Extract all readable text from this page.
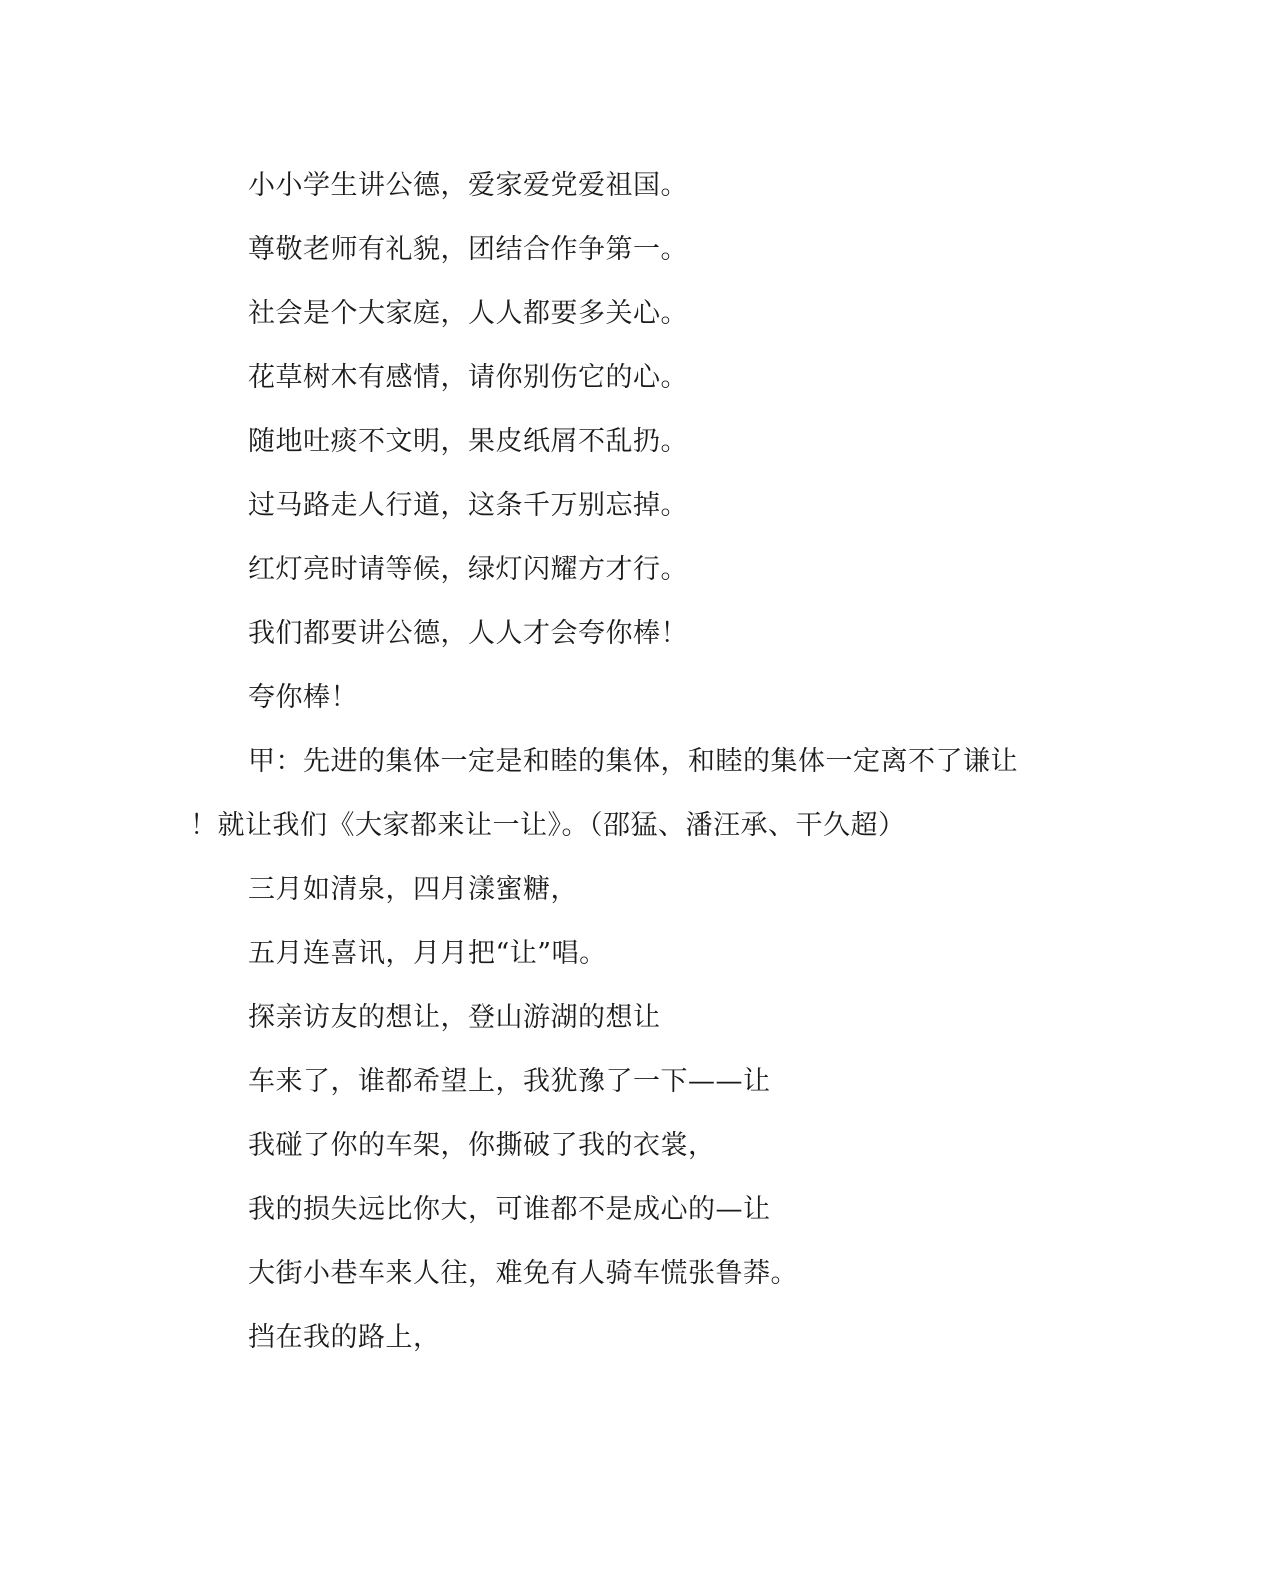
小小学生讲公德，爱家爱党爱祖国。
尊敬老师有礼貌，团结合作争第一。
社会是个大家庭，人人都要多关心。
花草树木有感情，请你别伤它的心。
随地吐痰不文明，果皮纸屑不乱扔。
过马路走人行道，这条千万别忘掉。
红灯亮时请等候，绿灯闪耀方才行。
我们都要讲公德，人人才会夸你棒！
夸你棒！
甲：先进的集体一定是和睦的集体，和睦的集体一定离不了谦让
！就让我们《大家都来让一让》。（邵猛、潘汪承、干久超）
三月如清泉，四月漾蜜糖，
五月连喜讯，月月把“让”唱。
探亲访友的想让，登山游湖的想让
车来了，谁都希望上，我犹豫了一下——让
我碰了你的车架，你撕破了我的衣裳，
我的损失远比你大，可谁都不是成心的—让
大街小巷车来人往，难免有人骑车慌张鲁莽。
挡在我的路上，
